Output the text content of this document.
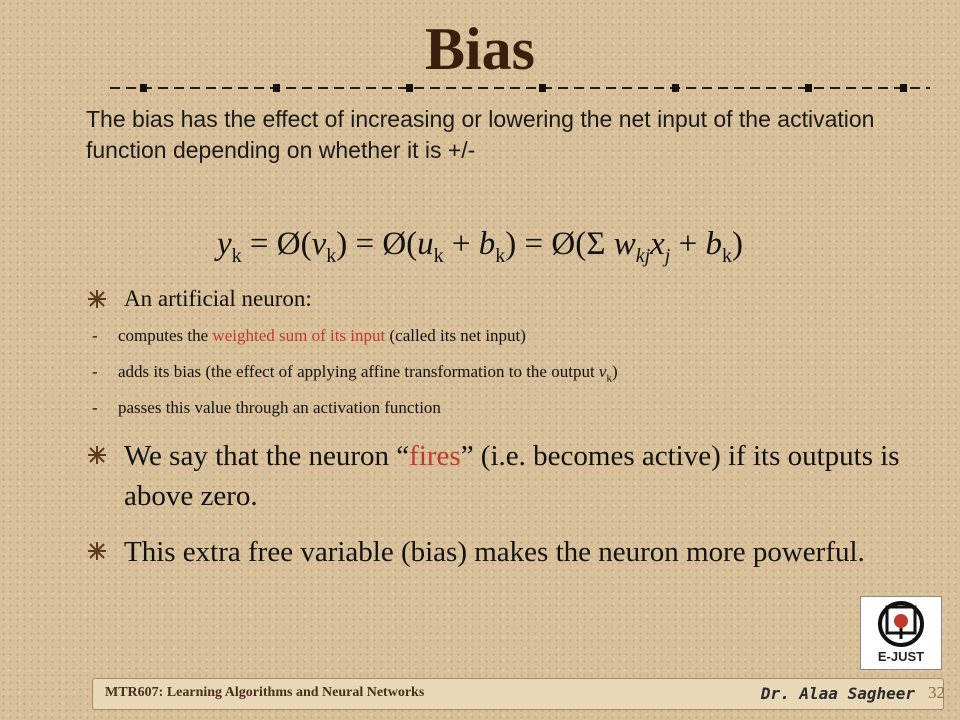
Bias
The bias has the effect of increasing or lowering the net input of the activation function depending on whether it is +/-
$y_k$ = $Ø(v_k)$ = $Ø(u_k + b_k)$ = Ø(Σ $w_{kj}x_j + b_k$)
An artificial neuron:
- computes the weighted sum of its input (called its net input)
- adds its bias (the effect of applying affine transformation to the output $v_k$)
- passes this value through an activation function
We say that the neuron “fires” (i.e. becomes active) if its outputs is above zero.
This extra free variable (bias) makes the neuron more powerful.
E-JUST
MTR607: Learning Algorithms and Neural Networks	Dr. Alaa Sagheer 32
